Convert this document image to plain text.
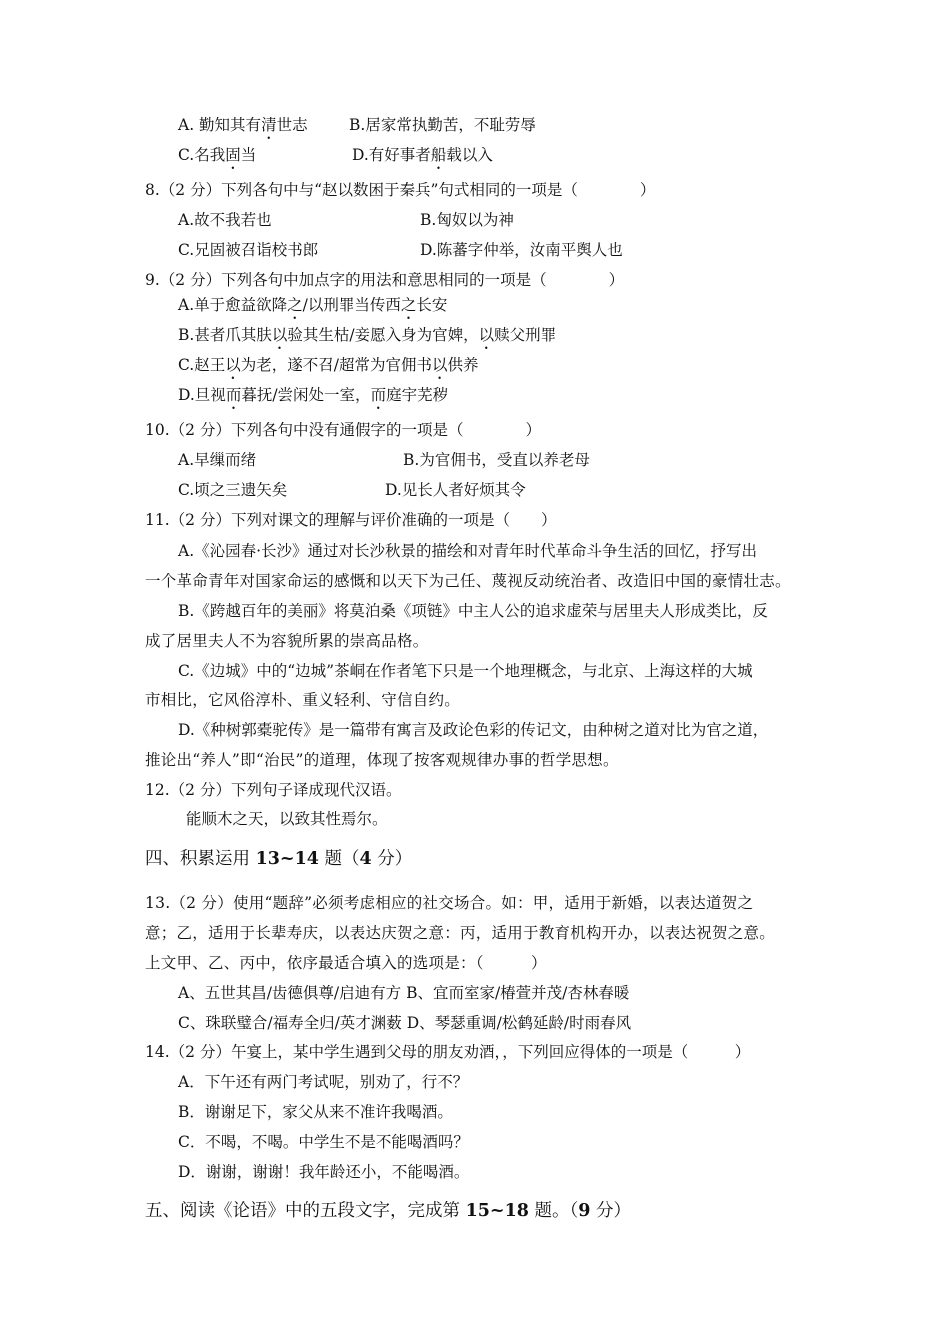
A. 勤知其有清世志	B.居家常执勤苦，不耻劳辱
C.名我固当	D.有好事者船载以入
8.（2 分）下列各句中与“赵以数困于秦兵”句式相同的一项是（　　　　）
A.故不我若也	B.匈奴以为神
C.兄固被召诣校书郎	D.陈蕃字仲举，汝南平舆人也
9.（2 分）下列各句中加点字的用法和意思相同的一项是（　　　　）
A.单于愈益欲降之/以刑罪当传西之长安
B.甚者爪其肤以验其生枯/妾愿入身为官婢，以赎父刑罪
C.赵王以为老，遂不召/超常为官佣书以供养
D.旦视而暮抚/尝闲处一室，而庭宇芜秽
10.（2 分）下列各句中没有通假字的一项是（　　　　）
A.早缫而绪	B.为官佣书，受直以养老母
C.顷之三遗矢矣	D.见长人者好烦其令
11.（2 分）下列对课文的理解与评价准确的一项是（　　）
A.《沁园春·长沙》通过对长沙秋景的描绘和对青年时代革命斗争生活的回忆，抒写出
一个革命青年对国家命运的感慨和以天下为己任、蔑视反动统治者、改造旧中国的豪情壮志。
B.《跨越百年的美丽》将莫泊桑《项链》中主人公的追求虚荣与居里夫人形成类比，反
成了居里夫人不为容貌所累的崇高品格。
C.《边城》中的“边城”茶峒在作者笔下只是一个地理概念，与北京、上海这样的大城
市相比，它风俗淳朴、重义轻利、守信自约。
D.《种树郭橐驼传》是一篇带有寓言及政论色彩的传记文，由种树之道对比为官之道，
推论出“养人”即“治民”的道理，体现了按客观规律办事的哲学思想。
12.（2 分）下列句子译成现代汉语。
能顺木之天，以致其性焉尔。
四、积累运用 13~14 题（4 分）
13.（2 分）使用“题辞”必须考虑相应的社交场合。如：甲，适用于新婚，以表达道贺之
意；乙，适用于长辈寿庆，以表达庆贺之意：丙，适用于教育机构开办，以表达祝贺之意。
上文甲、乙、丙中，依序最适合填入的选项是：（　　　）
A、五世其昌/齿德俱尊/启迪有方 B、宜而室家/椿萱并茂/杏林春暖
C、珠联璧合/福寿全归/英才渊薮 D、琴瑟重调/松鹤延龄/时雨春风
14.（2 分）午宴上，某中学生遇到父母的朋友劝酒，，下列回应得体的一项是（　　　）
A．下午还有两门考试呢，别劝了，行不？
B．谢谢足下，家父从来不准许我喝酒。
C．不喝，不喝。中学生不是不能喝酒吗？
D．谢谢，谢谢！我年龄还小，不能喝酒。
五、阅读《论语》中的五段文字，完成第 15~18 题。（9 分）
